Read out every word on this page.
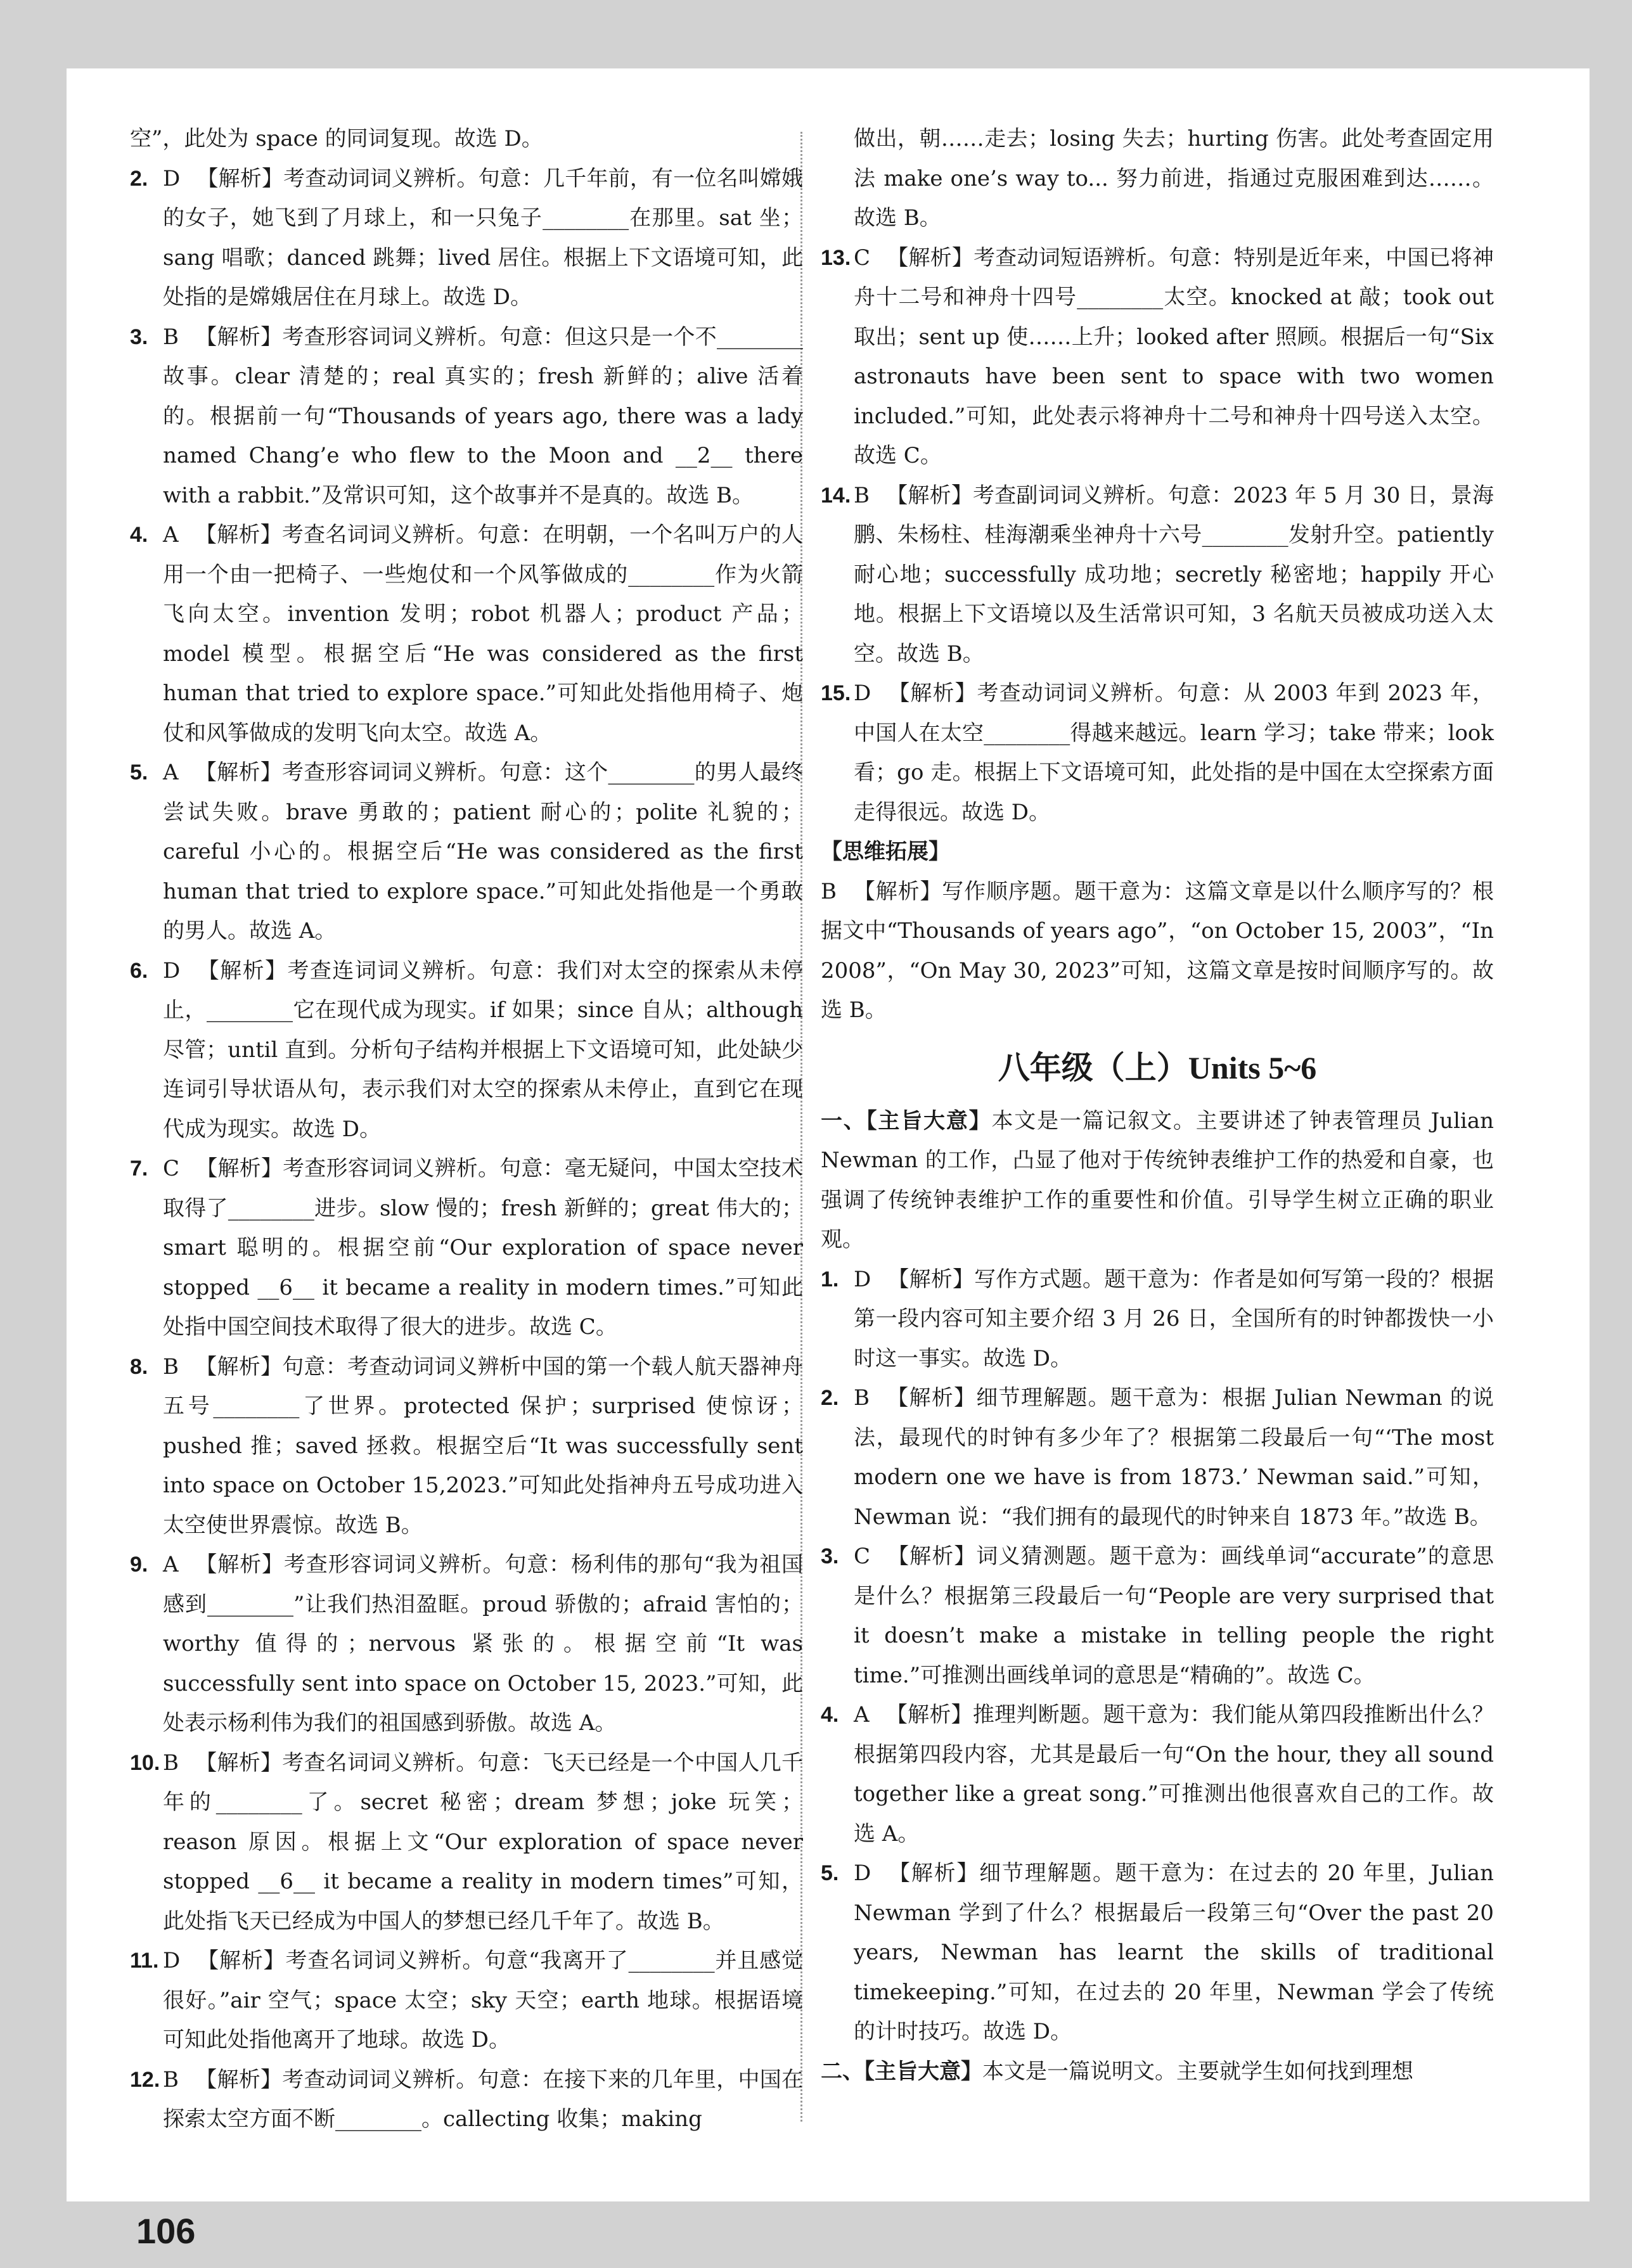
空”，此处为 space 的同词复现。故选 D。
2. D 【解析】考查动词词义辨析。句意：几千年前，有一位名叫嫦娥的女子，她飞到了月球上，和一只兔子________在那里。sat 坐；sang 唱歌；danced 跳舞；lived 居住。根据上下文语境可知，此处指的是嫦娥居住在月球上。故选 D。
3. B 【解析】考查形容词词义辨析。句意：但这只是一个不________故事。clear 清楚的；real 真实的；fresh 新鲜的；alive 活着的。根据前一句“Thousands of years ago, there was a lady named Chang’e who flew to the Moon and __2__ there with a rabbit.”及常识可知，这个故事并不是真的。故选 B。
4. A 【解析】考查名词词义辨析。句意：在明朝，一个名叫万户的人用一个由一把椅子、一些炮仗和一个风筝做成的________作为火箭飞向太空。invention 发明；robot 机器人；product 产品；model 模型。根据空后“He was considered as the first human that tried to explore space.”可知此处指他用椅子、炮仗和风筝做成的发明飞向太空。故选 A。
5. A 【解析】考查形容词词义辨析。句意：这个________的男人最终尝试失败。brave 勇敢的；patient 耐心的；polite 礼貌的；careful 小心的。根据空后“He was considered as the first human that tried to explore space.”可知此处指他是一个勇敢的男人。故选 A。
6. D 【解析】考查连词词义辨析。句意：我们对太空的探索从未停止，________它在现代成为现实。if 如果；since 自从；although 尽管；until 直到。分析句子结构并根据上下文语境可知，此处缺少连词引导状语从句，表示我们对太空的探索从未停止，直到它在现代成为现实。故选 D。
7. C 【解析】考查形容词词义辨析。句意：毫无疑问，中国太空技术取得了________进步。slow 慢的；fresh 新鲜的；great 伟大的；smart 聪明的。根据空前“Our exploration of space never stopped __6__ it became a reality in modern times.”可知此处指中国空间技术取得了很大的进步。故选 C。
8. B 【解析】句意：考查动词词义辨析中国的第一个载人航天器神舟五号________了世界。protected 保护；surprised 使惊讶；pushed 推；saved 拯救。根据空后“It was successfully sent into space on October 15,2023.”可知此处指神舟五号成功进入太空使世界震惊。故选 B。
9. A 【解析】考查形容词词义辨析。句意：杨利伟的那句“我为祖国感到________”让我们热泪盈眶。proud 骄傲的；afraid 害怕的；worthy 值得的；nervous 紧张的。根据空前“It was successfully sent into space on October 15, 2023.”可知，此处表示杨利伟为我们的祖国感到骄傲。故选 A。
10. B 【解析】考查名词词义辨析。句意：飞天已经是一个中国人几千年的________了。secret 秘密；dream 梦想；joke 玩笑；reason 原因。根据上文“Our exploration of space never stopped __6__ it became a reality in modern times”可知，此处指飞天已经成为中国人的梦想已经几千年了。故选 B。
11. D 【解析】考查名词词义辨析。句意“我离开了________并且感觉很好。”air 空气；space 太空；sky 天空；earth 地球。根据语境可知此处指他离开了地球。故选 D。
12. B 【解析】考查动词词义辨析。句意：在接下来的几年里，中国在探索太空方面不断________。callecting 收集；making
做出，朝……走去；losing 失去；hurting 伤害。此处考查固定用法 make one’s way to... 努力前进，指通过克服困难到达……。故选 B。
13. C 【解析】考查动词短语辨析。句意：特别是近年来，中国已将神舟十二号和神舟十四号________太空。knocked at 敲；took out 取出；sent up 使……上升；looked after 照顾。根据后一句“Six astronauts have been sent to space with two women included.”可知，此处表示将神舟十二号和神舟十四号送入太空。故选 C。
14. B 【解析】考查副词词义辨析。句意：2023 年 5 月 30 日，景海鹏、朱杨柱、桂海潮乘坐神舟十六号________发射升空。patiently 耐心地；successfully 成功地；secretly 秘密地；happily 开心地。根据上下文语境以及生活常识可知，3 名航天员被成功送入太空。故选 B。
15. D 【解析】考查动词词义辨析。句意：从 2003 年到 2023 年，中国人在太空________得越来越远。learn 学习；take 带来；look 看；go 走。根据上下文语境可知，此处指的是中国在太空探索方面走得很远。故选 D。
【思维拓展】
B 【解析】写作顺序题。题干意为：这篇文章是以什么顺序写的？根据文中“Thousands of years ago”，“on October 15, 2003”，“In 2008”，“On May 30, 2023”可知，这篇文章是按时间顺序写的。故选 B。
八年级（上）Units 5~6
一、【主旨大意】本文是一篇记叙文。主要讲述了钟表管理员 Julian Newman 的工作，凸显了他对于传统钟表维护工作的热爱和自豪，也强调了传统钟表维护工作的重要性和价值。引导学生树立正确的职业观。
1. D 【解析】写作方式题。题干意为：作者是如何写第一段的？根据第一段内容可知主要介绍 3 月 26 日，全国所有的时钟都拨快一小时这一事实。故选 D。
2. B 【解析】细节理解题。题干意为：根据 Julian Newman 的说法，最现代的时钟有多少年了？根据第二段最后一句“‘The most modern one we have is from 1873.’ Newman said.”可知，Newman 说：“我们拥有的最现代的时钟来自 1873 年。”故选 B。
3. C 【解析】词义猜测题。题干意为：画线单词“accurate”的意思是什么？根据第三段最后一句“People are very surprised that it doesn’t make a mistake in telling people the right time.”可推测出画线单词的意思是“精确的”。故选 C。
4. A 【解析】推理判断题。题干意为：我们能从第四段推断出什么？根据第四段内容，尤其是最后一句“On the hour, they all sound together like a great song.”可推测出他很喜欢自己的工作。故选 A。
5. D 【解析】细节理解题。题干意为：在过去的 20 年里，Julian Newman 学到了什么？根据最后一段第三句“Over the past 20 years, Newman has learnt the skills of traditional timekeeping.”可知，在过去的 20 年里，Newman 学会了传统的计时技巧。故选 D。
二、【主旨大意】本文是一篇说明文。主要就学生如何找到理想
106
